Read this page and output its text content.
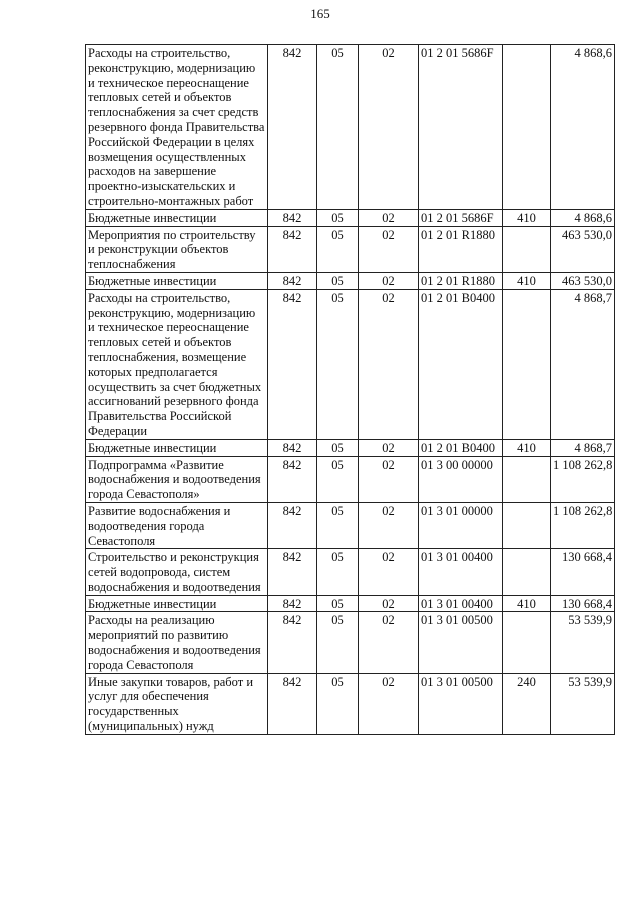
165
Расходы на строительство, реконструкцию, модернизацию и техническое переоснащение тепловых сетей и объектов теплоснабжения за счет средств резервного фонда Правительства Российской Федерации в целях возмещения осуществленных расходов на завершение проектно-изыскательских и строительно-монтажных работ	842	05	02	01 2 01 5686F		4 868,6
Бюджетные инвестиции	842	05	02	01 2 01 5686F	410	4 868,6
Мероприятия по строительству и реконструкции объектов теплоснабжения	842	05	02	01 2 01 R1880		463 530,0
Бюджетные инвестиции	842	05	02	01 2 01 R1880	410	463 530,0
Расходы на строительство, реконструкцию, модернизацию и техническое переоснащение тепловых сетей и объектов теплоснабжения, возмещение которых предполагается осуществить за счет бюджетных ассигнований резервного фонда Правительства Российской Федерации	842	05	02	01 2 01 B0400		4 868,7
Бюджетные инвестиции	842	05	02	01 2 01 B0400	410	4 868,7
Подпрограмма «Развитие водоснабжения и водоотведения города Севастополя»	842	05	02	01 3 00 00000		1 108 262,8
Развитие водоснабжения и водоотведения города Севастополя	842	05	02	01 3 01 00000		1 108 262,8
Строительство и реконструкция сетей водопровода, систем водоснабжения и водоотведения	842	05	02	01 3 01 00400		130 668,4
Бюджетные инвестиции	842	05	02	01 3 01 00400	410	130 668,4
Расходы на реализацию мероприятий по развитию водоснабжения и водоотведения города Севастополя	842	05	02	01 3 01 00500		53 539,9
Иные закупки товаров, работ и услуг для обеспечения государственных (муниципальных) нужд	842	05	02	01 3 01 00500	240	53 539,9
